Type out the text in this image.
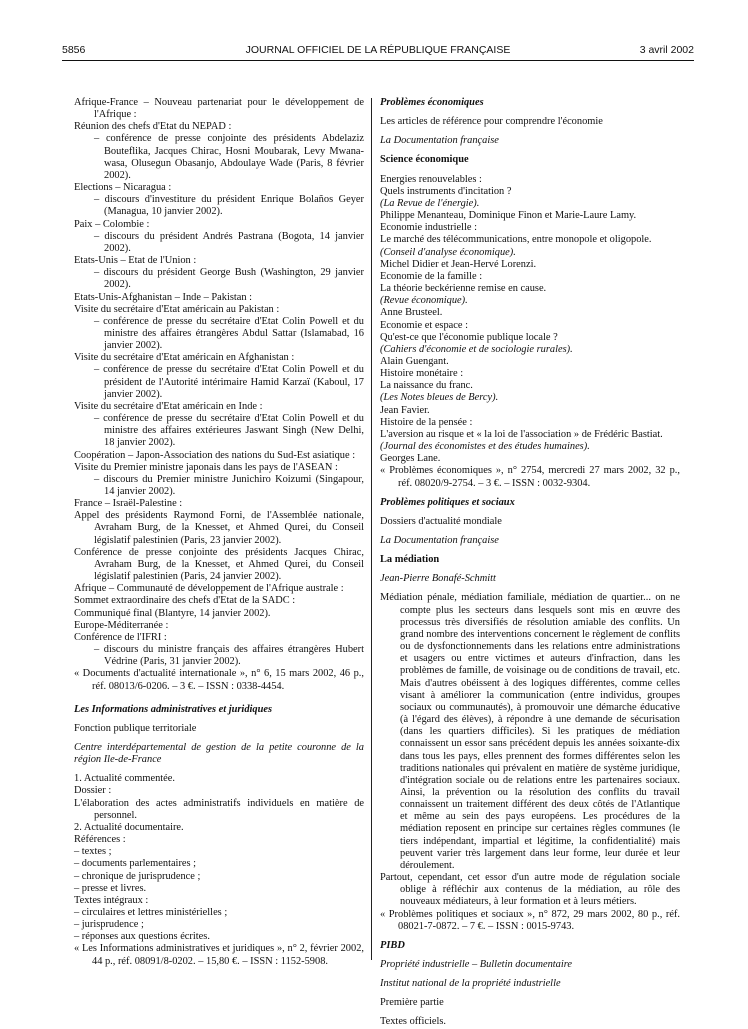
5856	JOURNAL OFFICIEL DE LA RÉPUBLIQUE FRANÇAISE	3 avril 2002

Afrique-France – Nouveau partenariat pour le développement de l'Afrique :

Réunion des chefs d'Etat du NEPAD :

– conférence de presse conjointe des présidents Abdelaziz Bouteflika, Jacques Chirac, Hosni Moubarak, Levy Mwana-wasa, Olusegun Obasanjo, Abdoulaye Wade (Paris, 8 février 2002).

Elections – Nicaragua :

– discours d'investiture du président Enrique Bolaños Geyer (Managua, 10 janvier 2002).

Paix – Colombie :

– discours du président Andrés Pastrana (Bogota, 14 janvier 2002).

Etats-Unis – Etat de l'Union :

– discours du président George Bush (Washington, 29 janvier 2002).

Etats-Unis-Afghanistan – Inde – Pakistan :

Visite du secrétaire d'Etat américain au Pakistan :

– conférence de presse du secrétaire d'Etat Colin Powell et du ministre des affaires étrangères Abdul Sattar (Islamabad, 16 janvier 2002).

Visite du secrétaire d'Etat américain en Afghanistan :

– conférence de presse du secrétaire d'Etat Colin Powell et du président de l'Autorité intérimaire Hamid Karzaï (Kaboul, 17 janvier 2002).

Visite du secrétaire d'Etat américain en Inde :

– conférence de presse du secrétaire d'Etat Colin Powell et du ministre des affaires extérieures Jaswant Singh (New Delhi, 18 janvier 2002).

Coopération – Japon-Association des nations du Sud-Est asiatique :

Visite du Premier ministre japonais dans les pays de l'ASEAN :

– discours du Premier ministre Junichiro Koizumi (Singapour, 14 janvier 2002).

France – Israël-Palestine :

Appel des présidents Raymond Forni, de l'Assemblée nationale, Avraham Burg, de la Knesset, et Ahmed Qurei, du Conseil législatif palestinien (Paris, 23 janvier 2002).

Conférence de presse conjointe des présidents Jacques Chirac, Avraham Burg, de la Knesset, et Ahmed Qurei, du Conseil législatif palestinien (Paris, 24 janvier 2002).

Afrique – Communauté de développement de l'Afrique australe :

Sommet extraordinaire des chefs d'Etat de la SADC :

Communiqué final (Blantyre, 14 janvier 2002).

Europe-Méditerranée :

Conférence de l'IFRI :

– discours du ministre français des affaires étrangères Hubert Védrine (Paris, 31 janvier 2002).

« Documents d'actualité internationale », n° 6, 15 mars 2002, 46 p., réf. 08013/6-0206. – 3 €. – ISSN : 0338-4454.

Les Informations administratives et juridiques

Fonction publique territoriale

Centre interdépartemental de gestion de la petite couronne de la région Ile-de-France

1. Actualité commentée.

Dossier :

L'élaboration des actes administratifs individuels en matière de personnel.

2. Actualité documentaire.

Références :

– textes ;

– documents parlementaires ;

– chronique de jurisprudence ;

– presse et livres.

Textes intégraux :

– circulaires et lettres ministérielles ;

– jurisprudence ;

– réponses aux questions écrites.

« Les Informations administratives et juridiques », n° 2, février 2002, 44 p., réf. 08091/8-0202. – 15,80 €. – ISSN : 1152-5908.

Problèmes économiques

Les articles de référence pour comprendre l'économie

La Documentation française

Science économique

Energies renouvelables :

Quels instruments d'incitation ?

(La Revue de l'énergie).

Philippe Menanteau, Dominique Finon et Marie-Laure Lamy.

Economie industrielle :

Le marché des télécommunications, entre monopole et oligopole.

(Conseil d'analyse économique).

Michel Didier et Jean-Hervé Lorenzi.

Economie de la famille :

La théorie beckérienne remise en cause.

(Revue économique).

Anne Brusteel.

Economie et espace :

Qu'est-ce que l'économie publique locale ?

(Cahiers d'économie et de sociologie rurales).

Alain Guengant.

Histoire monétaire :

La naissance du franc.

(Les Notes bleues de Bercy).

Jean Favier.

Histoire de la pensée :

L'aversion au risque et « la loi de l'association » de Frédéric Bastiat.

(Journal des économistes et des études humaines).

Georges Lane.

« Problèmes économiques », n° 2754, mercredi 27 mars 2002, 32 p., réf. 08020/9-2754. – 3 €. – ISSN : 0032-9304.

Problèmes politiques et sociaux

Dossiers d'actualité mondiale

La Documentation française

La médiation

Jean-Pierre Bonafé-Schmitt

Médiation pénale, médiation familiale, médiation de quartier... on ne compte plus les secteurs dans lesquels sont mis en œuvre des processus très diversifiés de résolution amiable des conflits. Un grand nombre des interventions concernent le règlement de conflits ou de dysfonctionnements dans les relations entre administrations et usagers ou entre victimes et auteurs d'infraction, dans les problèmes de famille, de voisinage ou de conditions de travail, etc. Mais d'autres obéissent à des logiques différentes, comme celles visant à améliorer la communication (entre individus, groupes sociaux ou communautés), à promouvoir une démarche éducative (à l'égard des élèves), à répondre à une demande de sécurisation (dans les quartiers difficiles). Si les pratiques de médiation connaissent un essor sans précédent depuis les années soixante-dix dans tous les pays, elles prennent des formes différentes selon les traditions nationales qui prévalent en matière de système juridique, d'intégration sociale ou de relations entre les partenaires sociaux. Ainsi, la prévention ou la résolution des conflits du travail connaissent un traitement différent des deux côtés de l'Atlantique et même au sein des pays européens. Les procédures de la médiation reposent en principe sur certaines règles communes (le tiers indépendant, impartial et légitime, la confidentialité) mais peuvent varier très largement dans leur forme, leur durée et leur déroulement.

Partout, cependant, cet essor d'un autre mode de régulation sociale oblige à réfléchir aux contenus de la médiation, au rôle des nouveaux médiateurs, à leur formation et à leurs métiers.

« Problèmes politiques et sociaux », n° 872, 29 mars 2002, 80 p., réf. 08021-7-0872. – 7 €. – ISSN : 0015-9743.

PIBD

Propriété industrielle – Bulletin documentaire

Institut national de la propriété industrielle

Première partie

Textes officiels.
